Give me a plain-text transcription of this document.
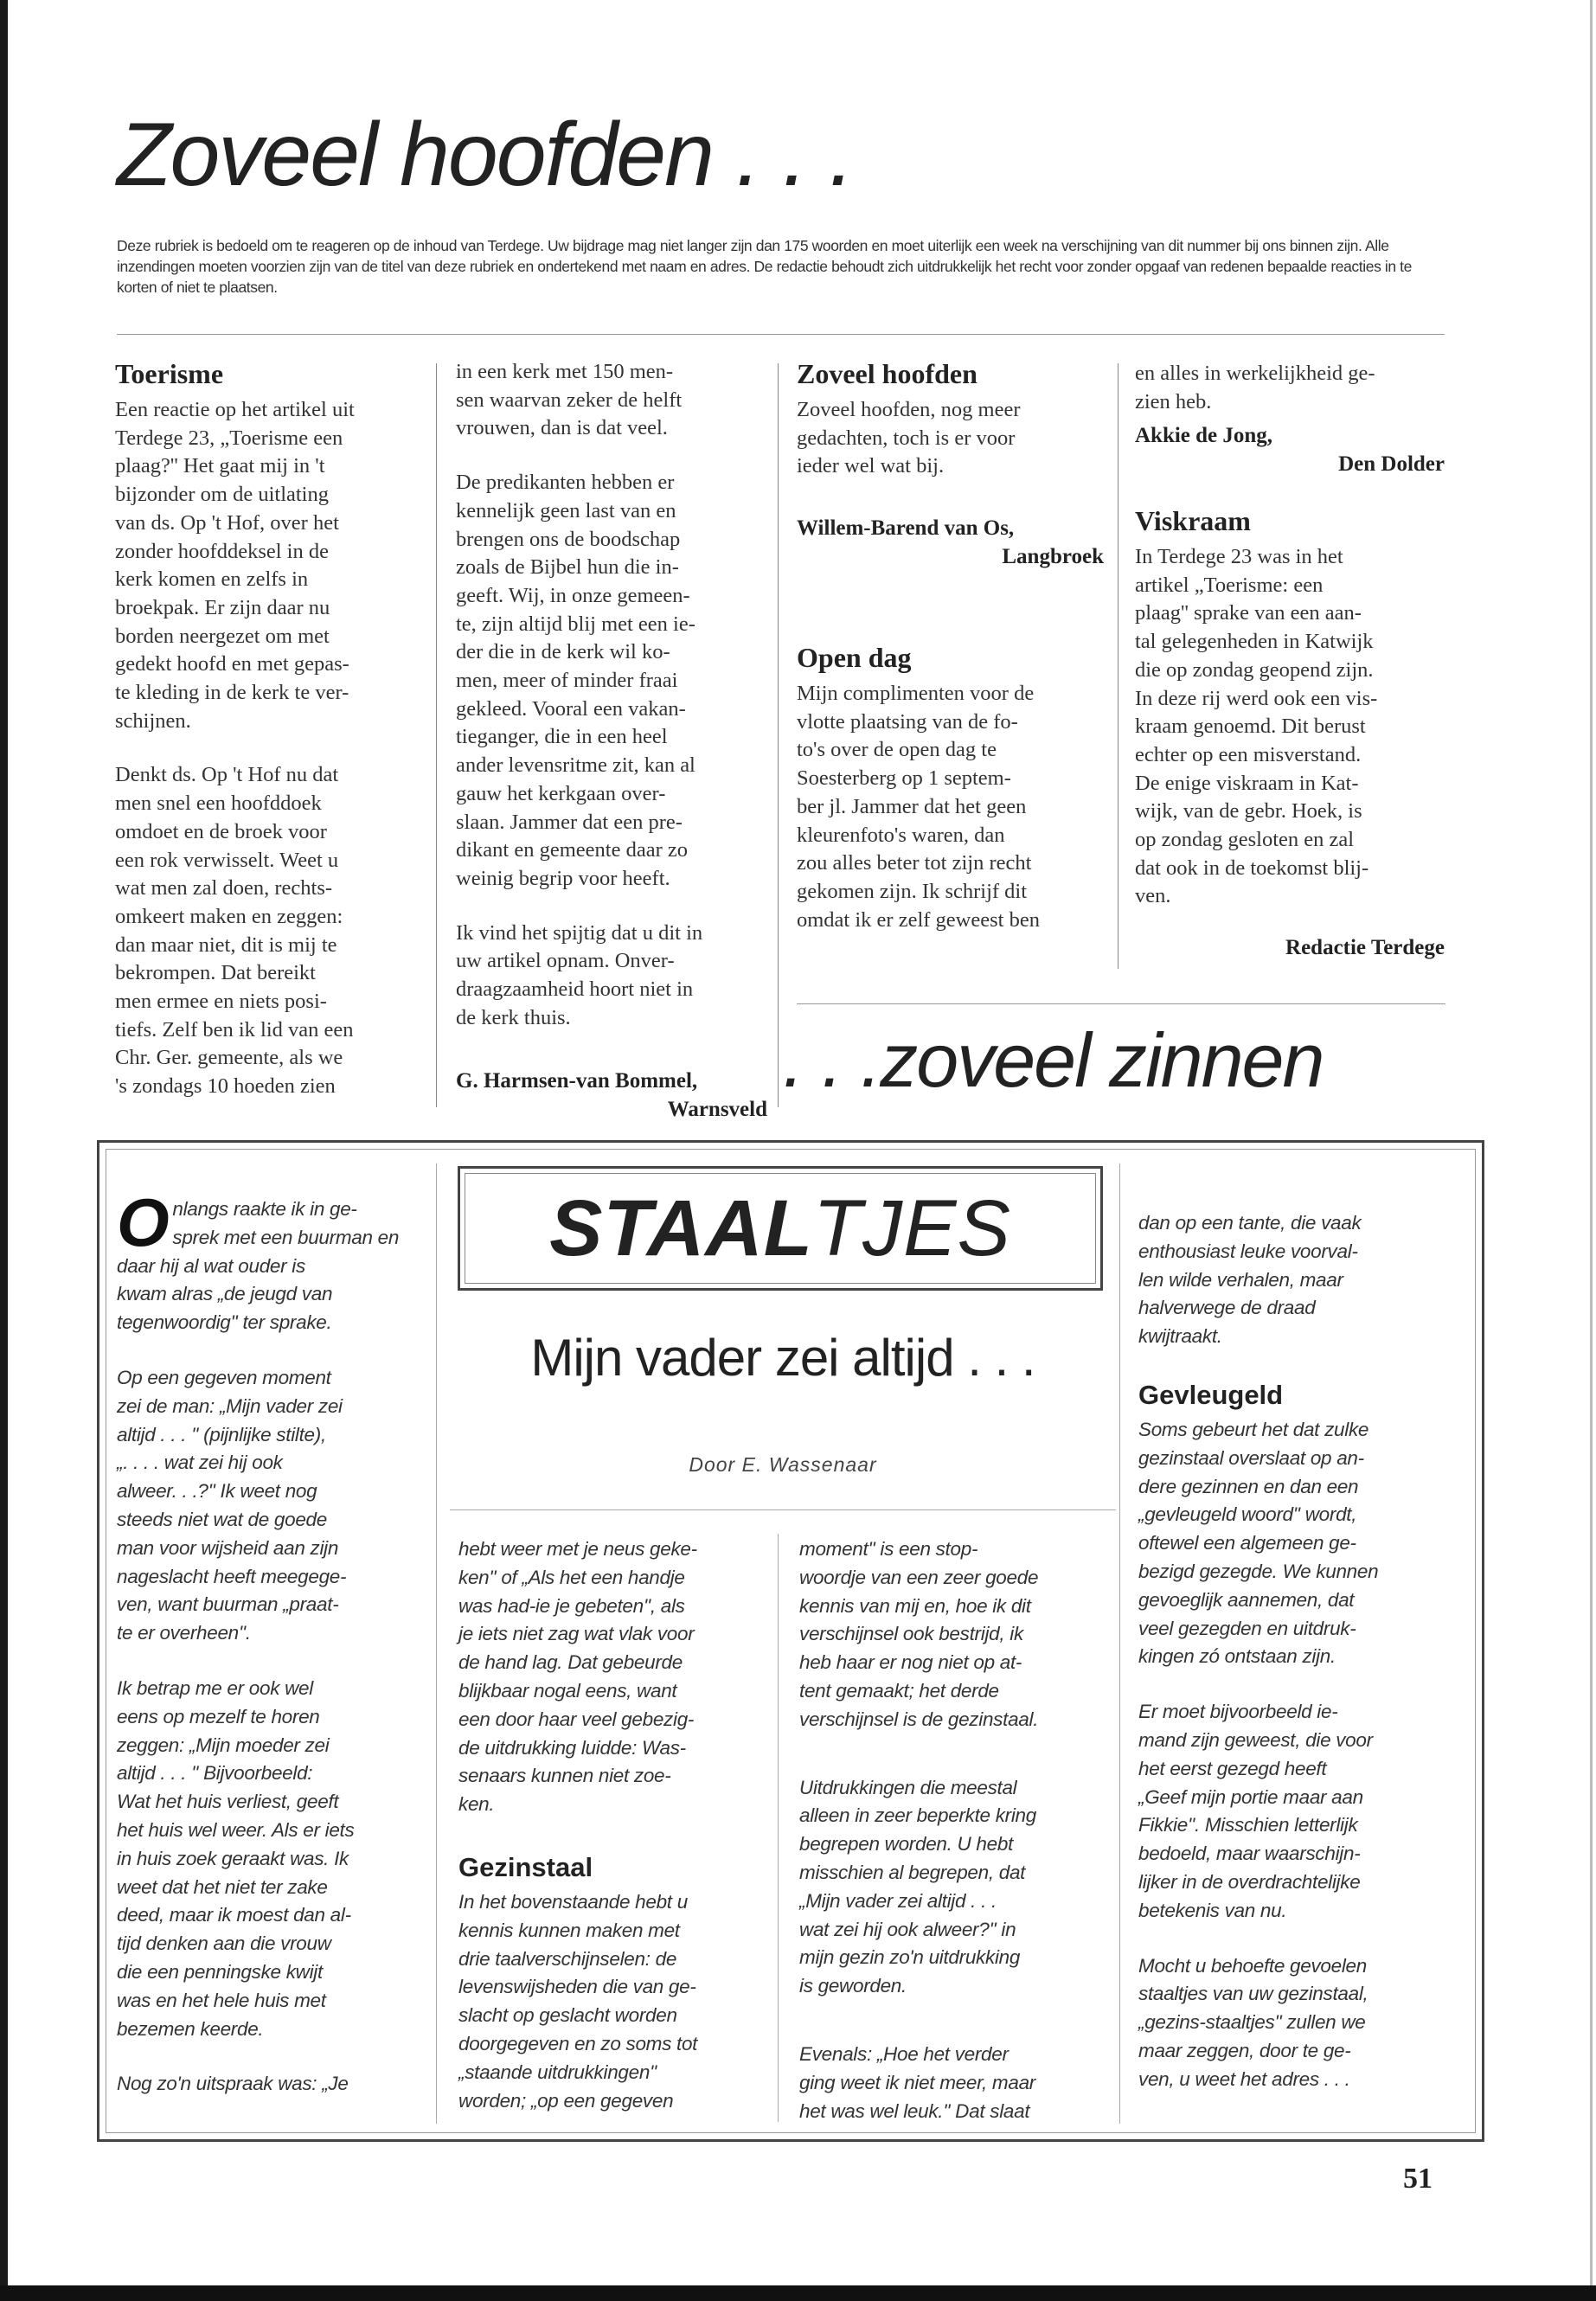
Zoveel hoofden . . .
Deze rubriek is bedoeld om te reageren op de inhoud van Terdege. Uw bijdrage mag niet langer zijn dan 175 woorden en moet uiterlijk een week na verschijning van dit nummer bij ons binnen zijn. Alle inzendingen moeten voorzien zijn van de titel van deze rubriek en ondertekend met naam en adres. De redactie behoudt zich uitdrukkelijk het recht voor zonder opgaaf van redenen bepaalde reacties in te korten of niet te plaatsen.
Toerisme

Een reactie op het artikel uit
Terdege 23, „Toerisme een
plaag?'' Het gaat mij in 't
bijzonder om de uitlating
van ds. Op 't Hof, over het
zonder hoofddeksel in de
kerk komen en zelfs in
broekpak. Er zijn daar nu
borden neergezet om met
gedekt hoofd en met gepas-
te kleding in de kerk te ver-
schijnen.

Denkt ds. Op 't Hof nu dat
men snel een hoofddoek
omdoet en de broek voor
een rok verwisselt. Weet u
wat men zal doen, rechts-
omkeert maken en zeggen:
dan maar niet, dit is mij te
bekrompen. Dat bereikt
men ermee en niets posi-
tiefs. Zelf ben ik lid van een
Chr. Ger. gemeente, als we
's zondags 10 hoeden zien

in een kerk met 150 men-
sen waarvan zeker de helft
vrouwen, dan is dat veel.

De predikanten hebben er
kennelijk geen last van en
brengen ons de boodschap
zoals de Bijbel hun die in-
geeft. Wij, in onze gemeen-
te, zijn altijd blij met een ie-
der die in de kerk wil ko-
men, meer of minder fraai
gekleed. Vooral een vakan-
tieganger, die in een heel
ander levensritme zit, kan al
gauw het kerkgaan over-
slaan. Jammer dat een pre-
dikant en gemeente daar zo
weinig begrip voor heeft.

Ik vind het spijtig dat u dit in
uw artikel opnam. Onver-
draagzaamheid hoort niet in
de kerk thuis.

G. Harmsen-van Bommel,
Warnsveld
Zoveel hoofden

Zoveel hoofden, nog meer
gedachten, toch is er voor
ieder wel wat bij.

Willem-Barend van Os,
Langbroek
Open dag

Mijn complimenten voor de
vlotte plaatsing van de fo-
to's over de open dag te
Soesterberg op 1 septem-
ber jl. Jammer dat het geen
kleurenfoto's waren, dan
zou alles beter tot zijn recht
gekomen zijn. Ik schrijf dit
omdat ik er zelf geweest ben

en alles in werkelijkheid ge-
zien heb.

Akkie de Jong,
Den Dolder
Viskraam

In Terdege 23 was in het
artikel „Toerisme: een
plaag'' sprake van een aan-
tal gelegenheden in Katwijk
die op zondag geopend zijn.
In deze rij werd ook een vis-
kraam genoemd. Dit berust
echter op een misverstand.
De enige viskraam in Kat-
wijk, van de gebr. Hoek, is
op zondag gesloten en zal
dat ook in de toekomst blij-
ven.

Redactie Terdege
. . .zoveel zinnen

Onlangs raakte ik in ge-
sprek met een buurman en
daar hij al wat ouder is
kwam alras „de jeugd van
tegenwoordig'' ter sprake.

Op een gegeven moment
zei de man: „Mijn vader zei
altijd . . . '' (pijnlijke stilte),
„. . . . wat zei hij ook
alweer. . .?'' Ik weet nog
steeds niet wat de goede
man voor wijsheid aan zijn
nageslacht heeft meegege-
ven, want buurman „praat-
te er overheen''.

Ik betrap me er ook wel
eens op mezelf te horen
zeggen: „Mijn moeder zei
altijd . . . '' Bijvoorbeeld:
Wat het huis verliest, geeft
het huis wel weer. Als er iets
in huis zoek geraakt was. Ik
weet dat het niet ter zake
deed, maar ik moest dan al-
tijd denken aan die vrouw
die een penningske kwijt
was en het hele huis met
bezemen keerde.

Nog zo'n uitspraak was: „Je

STAAL TJES
Mijn vader zei altijd . . .
Door E. Wassenaar

hebt weer met je neus geke-
ken'' of „Als het een handje
was had-ie je gebeten'', als
je iets niet zag wat vlak voor
de hand lag. Dat gebeurde
blijkbaar nogal eens, want
een door haar veel gebezig-
de uitdrukking luidde: Was-
senaars kunnen niet zoe-
ken.

Gezinstaal

In het bovenstaande hebt u
kennis kunnen maken met
drie taalverschijnselen: de
levenswijsheden die van ge-
slacht op geslacht worden
doorgegeven en zo soms tot
„staande uitdrukkingen''
worden; „op een gegeven

moment'' is een stop-
woordje van een zeer goede
kennis van mij en, hoe ik dit
verschijnsel ook bestrijd, ik
heb haar er nog niet op at-
tent gemaakt; het derde
verschijnsel is de gezinstaal.

Uitdrukkingen die meestal
alleen in zeer beperkte kring
begrepen worden. U hebt
misschien al begrepen, dat
„Mijn vader zei altijd . . .
wat zei hij ook alweer?'' in
mijn gezin zo'n uitdrukking
is geworden.

Evenals: „Hoe het verder
ging weet ik niet meer, maar
het was wel leuk.'' Dat slaat

dan op een tante, die vaak
enthousiast leuke voorval-
len wilde verhalen, maar
halverwege de draad
kwijtraakt.

Gevleugeld

Soms gebeurt het dat zulke
gezinstaal overslaat op an-
dere gezinnen en dan een
„gevleugeld woord'' wordt,
oftewel een algemeen ge-
bezigd gezegde. We kunnen
gevoeglijk aannemen, dat
veel gezegden en uitdruk-
kingen zó ontstaan zijn.

Er moet bijvoorbeeld ie-
mand zijn geweest, die voor
het eerst gezegd heeft
„Geef mijn portie maar aan
Fikkie''. Misschien letterlijk
bedoeld, maar waarschijn-
lijker in de overdrachtelijke
betekenis van nu.

Mocht u behoefte gevoelen
staaltjes van uw gezinstaal,
„gezins-staaltjes'' zullen we
maar zeggen, door te ge-
ven, u weet het adres . . .

51
